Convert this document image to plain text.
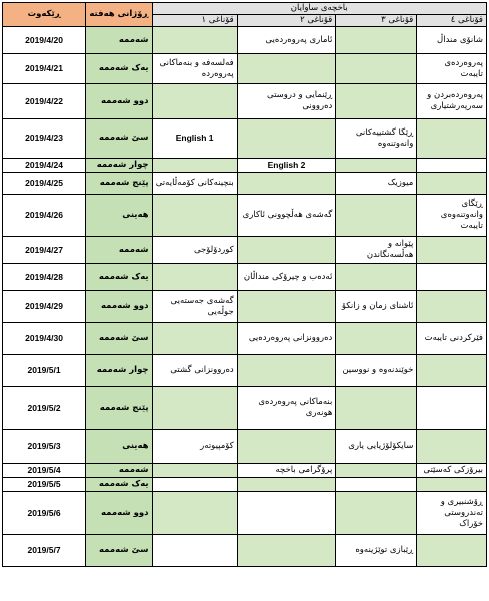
ڕێکەوت	ڕۆژانی هەفتە	باخچەی ساوایان			
		قۆناغی ١	قۆناغی ٢	قۆناغی ٣	قۆناغی ٤
2019/4/20	شەممە		ئاماری پەروەردەیی		شانۆی منداڵ
2019/4/21	یەک شەممە	فەلسەفە و بنەماکانی پەروەردە			پەروەردەی تایبەت
2019/4/22	دوو شەممە		ڕێنمایی و دروستی دەروونی		پەروەردەبردن و سەرپەرشتیاری
2019/4/23	سێ شەممە	English 1		ڕێگا گشتییەکانی وانەوتنەوە	
2019/4/24	چوار شەممە		English 2		
2019/4/25	پێنج شەممە	بنچینەکانی کۆمەڵایەتی		میوزیک	
2019/4/26	هەینی		گەشەی هەڵچوونی ئاکاری		ڕێگای وانەوتنەوەی تایبەت
2019/4/27	شەممە	کوردۆلۆجی		پێوانە و هەڵسەنگاندن	
2019/4/28	یەک شەممە		ئەدەب و چیرۆکی منداڵان		
2019/4/29	دوو شەممە	گەشەی جەستەیی جوڵەیی		ئاشنای زمان و زانکۆ	
2019/4/30	سێ شەممە		دەروونزانی پەروەردەیی		فێرکردنی تایبەت
2019/5/1	چوار شەممە	دەروونزانی گشتی		خوێندنەوە و نووسین	
2019/5/2	پێنج شەممە		بنەماکانی پەروەردەی هونەری		
2019/5/3	هەینی	کۆمپیوتەر		سایکۆلۆژیایی یاری	
2019/5/4	شەممە		پرۆگرامی باخچە		بیرۆزکی کەسێتی
2019/5/5	یەک شەممە				
2019/5/6	دوو شەممە				ڕۆشنبیری و تەندروستی خۆراک
2019/5/7	سێ شەممە			ڕێبازی توێژینەوە	
